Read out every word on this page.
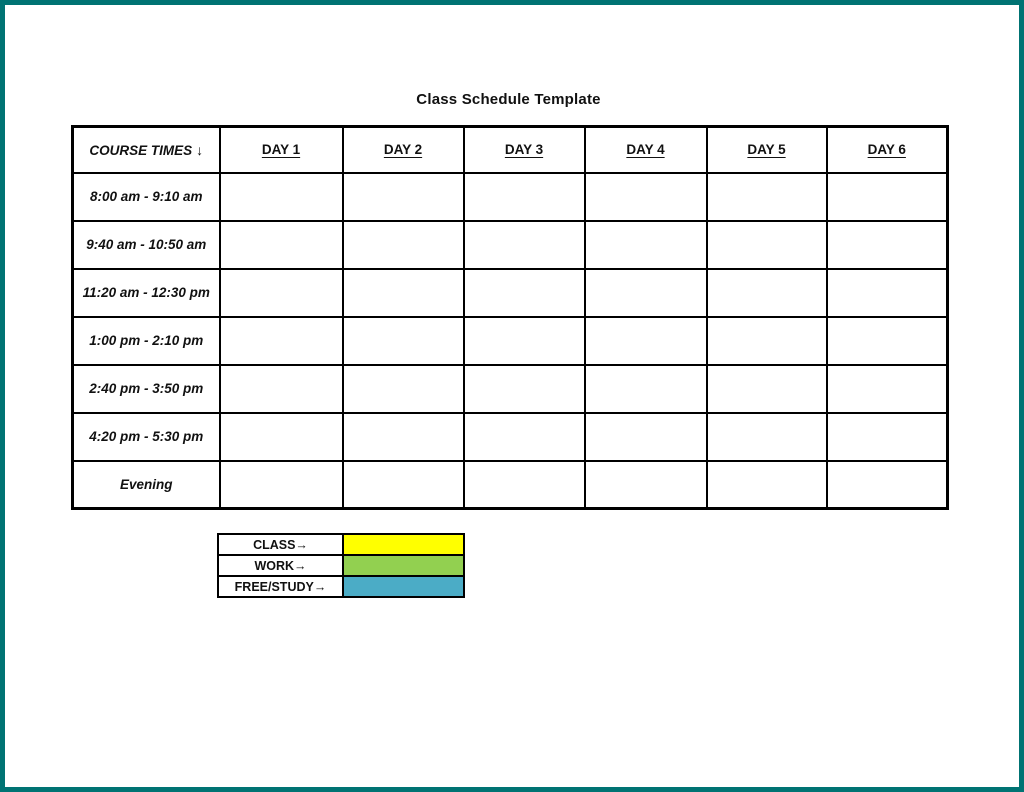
Class Schedule Template
COURSE TIMES ↓	DAY 1	DAY 2	DAY 3	DAY 4	DAY 5	DAY 6
8:00 am - 9:10 am						
9:40 am - 10:50 am						
11:20 am - 12:30 pm						
1:00 pm - 2:10 pm						
2:40 pm - 3:50 pm						
4:20 pm - 5:30 pm						
Evening						
CLASS→	
WORK→	
FREE/STUDY→	
